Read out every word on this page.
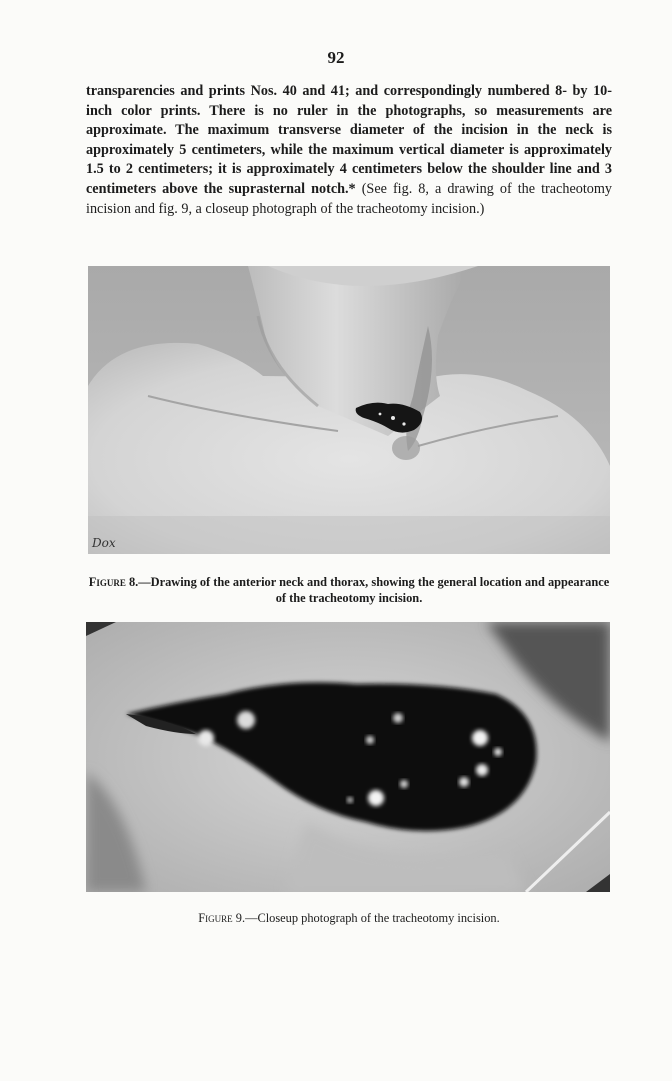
92

transparencies and prints Nos. 40 and 41; and correspondingly numbered 8- by 10-inch color prints. There is no ruler in the photographs, so measurements are approximate. The maximum transverse diameter of the incision in the neck is approximately 5 centimeters, while the maximum vertical diameter is approximately 1.5 to 2 centimeters; it is approximately 4 centimeters below the shoulder line and 3 centimeters above the suprasternal notch.* (See fig. 8, a drawing of the tracheotomy incision and fig. 9, a closeup photograph of the tracheotomy incision.)

Dox

Figure 8.—Drawing of the anterior neck and thorax, showing the general location and appearance of the tracheotomy incision.

Figure 9.—Closeup photograph of the tracheotomy incision.
